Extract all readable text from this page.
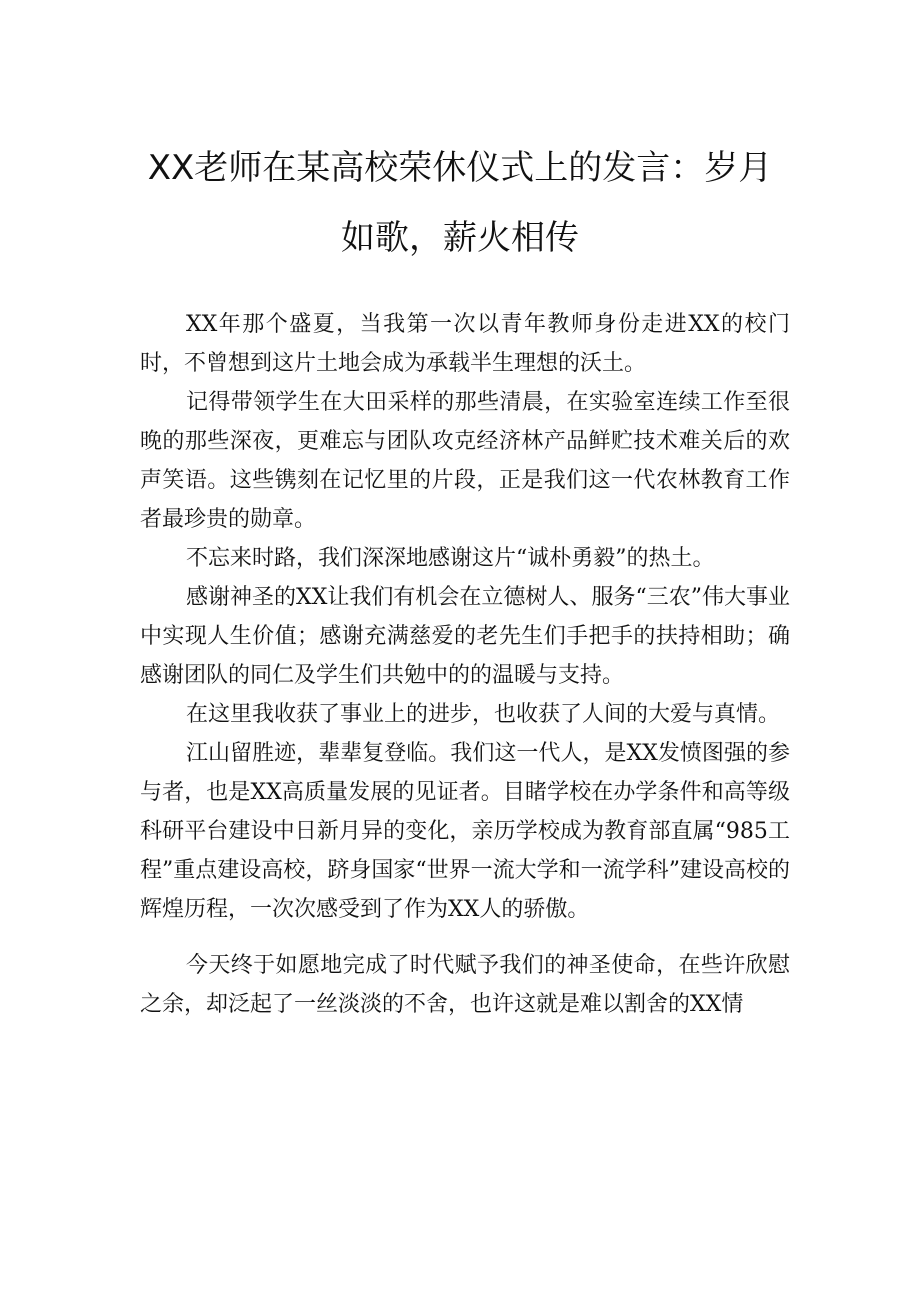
XX老师在某高校荣休仪式上的发言：岁月
如歌，薪火相传

XX年那个盛夏，当我第一次以青年教师身份走进XX的校门时，不曾想到这片土地会成为承载半生理想的沃土。

记得带领学生在大田采样的那些清晨，在实验室连续工作至很晚的那些深夜，更难忘与团队攻克经济林产品鲜贮技术难关后的欢声笑语。这些镌刻在记忆里的片段，正是我们这一代农林教育工作者最珍贵的勋章。

不忘来时路，我们深深地感谢这片“诚朴勇毅”的热土。

感谢神圣的XX让我们有机会在立德树人、服务“三农”伟大事业中实现人生价值；感谢充满慈爱的老先生们手把手的扶持相助；确感谢团队的同仁及学生们共勉中的的温暖与支持。

在这里我收获了事业上的进步，也收获了人间的大爱与真情。

江山留胜迹，辈辈复登临。我们这一代人，是XX发愤图强的参与者，也是XX高质量发展的见证者。目睹学校在办学条件和高等级科研平台建设中日新月异的变化，亲历学校成为教育部直属“985工程”重点建设高校，跻身国家“世界一流大学和一流学科”建设高校的辉煌历程，一次次感受到了作为XX人的骄傲。

今天终于如愿地完成了时代赋予我们的神圣使命，在些许欣慰之余，却泛起了一丝淡淡的不舍，也许这就是难以割舍的XX情
